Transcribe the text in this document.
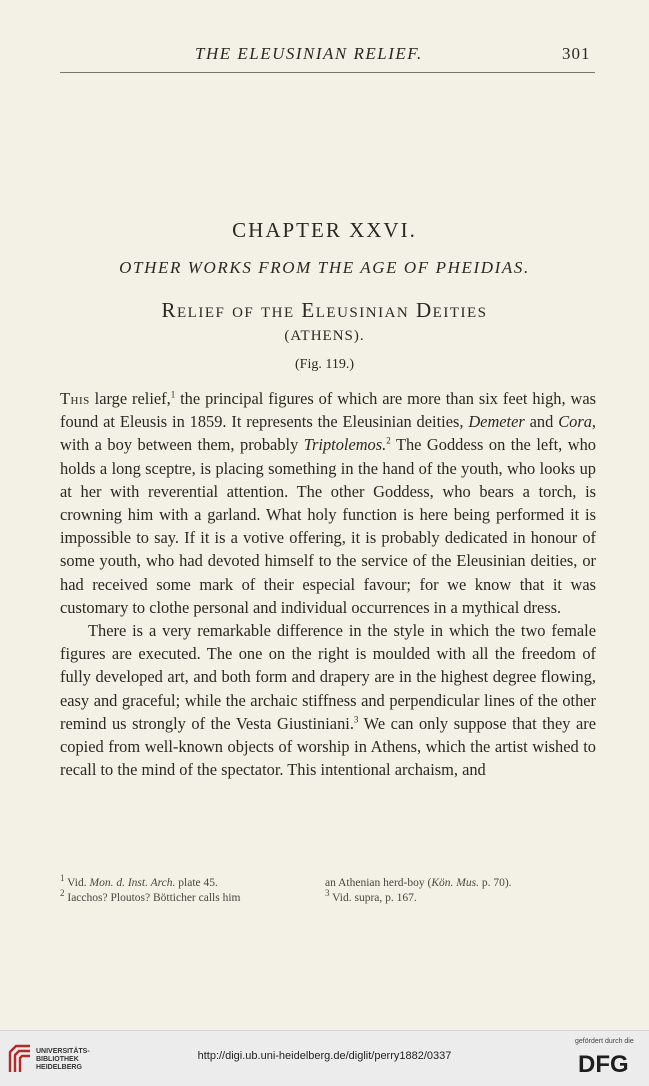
THE ELEUSINIAN RELIEF.	301
CHAPTER XXVI.
OTHER WORKS FROM THE AGE OF PHEIDIAS.
Relief of the Eleusinian Deities
(ATHENS).
(Fig. 119.)

This large relief,$^1$ the principal figures of which are more than six feet high, was found at Eleusis in 1859. It represents the Eleusinian deities, Demeter and Cora, with a boy between them, probably Triptolemos.$^2$ The Goddess on the left, who holds a long sceptre, is placing something in the hand of the youth, who looks up at her with reverential attention. The other Goddess, who bears a torch, is crowning him with a garland. What holy function is here being performed it is impossible to say. If it is a votive offering, it is probably dedicated in honour of some youth, who had devoted himself to the service of the Eleusinian deities, or had received some mark of their especial favour; for we know that it was customary to clothe personal and individual occurrences in a mythical dress.

There is a very remarkable difference in the style in which the two female figures are executed. The one on the right is moulded with all the freedom of fully developed art, and both form and drapery are in the highest degree flowing, easy and graceful; while the archaic stiffness and perpendicular lines of the other remind us strongly of the Vesta Giustiniani.$^3$ We can only suppose that they are copied from well-known objects of worship in Athens, which the artist wished to recall to the mind of the spectator. This intentional archaism, and

$^1$ Vid. Mon. d. Inst. Arch. plate 45.
$^2$ Iacchos? Ploutos? Bötticher calls him
an Athenian herd-boy (Kön. Mus. p. 70).
$^3$ Vid. supra, p. 167.
UNIVERSITÄTS-
BIBLIOTHEK
HEIDELBERG
http://digi.ub.uni-heidelberg.de/diglit/perry1882/0337
gefördert durch die
DFG
